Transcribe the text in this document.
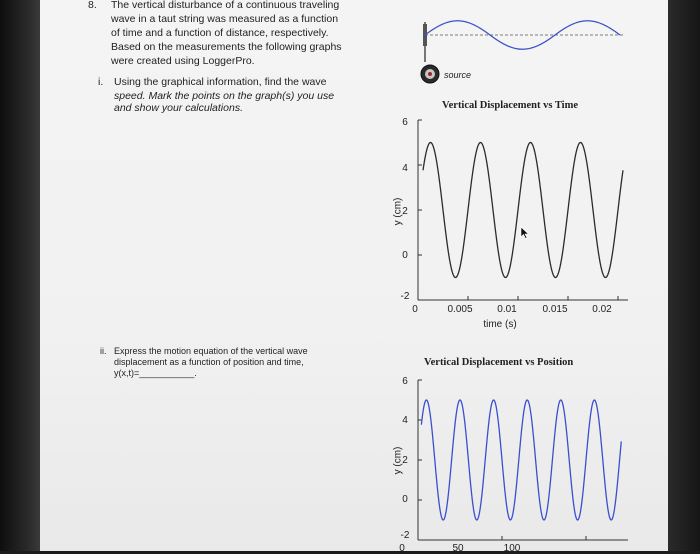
8. The vertical disturbance of a continuous traveling
wave in a taut string was measured as a function
of time and a function of distance, respectively.
Based on the measurements the following graphs
were created using LoggerPro.
i. Using the graphical information, find the wave
speed. Mark the points on the graph(s) you use
and show your calculations.
ii. Express the motion equation of the vertical wave
displacement as a function of position and time,
y(x,t)=___________.
source
Vertical Displacement vs Time
6
4
2
0
-2
y (cm)
0	0.005	0.01	0.015	0.02
time (s)
Vertical Displacement vs Position
6
4
2
0
-2
y (cm)
0	50	100
